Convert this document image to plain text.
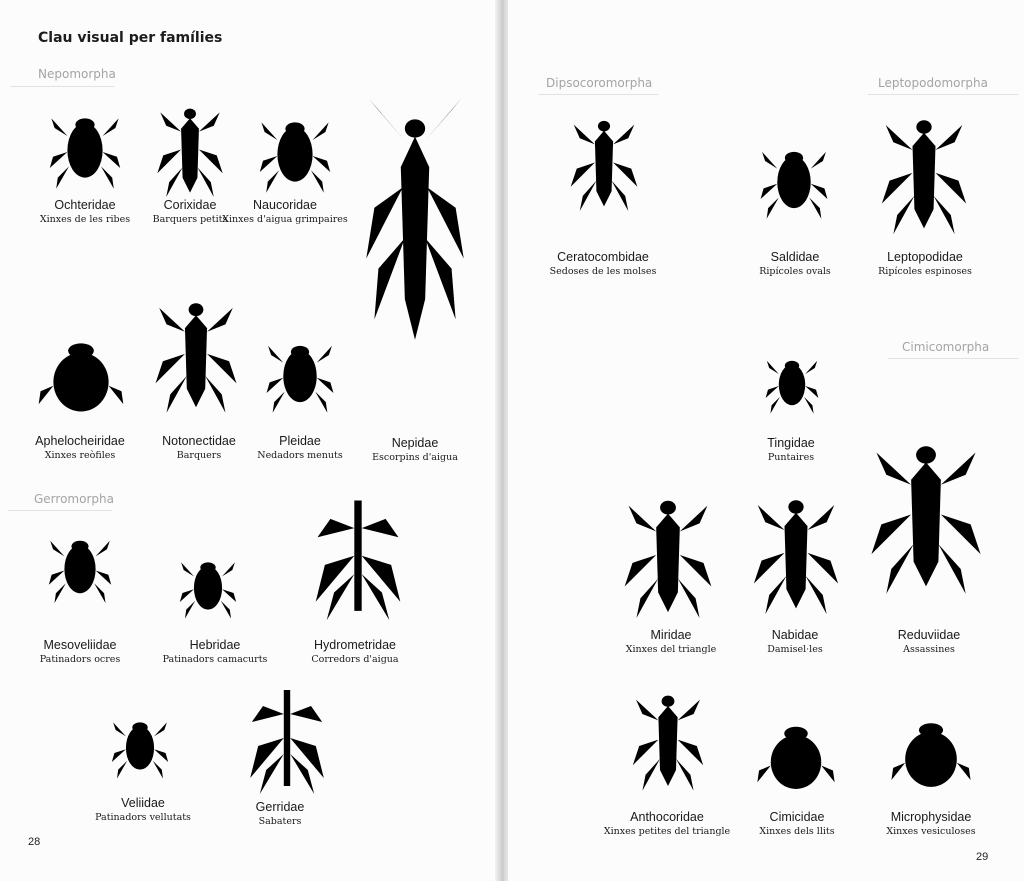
Clau visual per famílies
Nepomorpha
Ochteridae
Xinxes de les ribes
Corixidae
Barquers petits
Naucoridae
Xinxes d'aigua grimpaires
Nepidae
Escorpins d'aigua
Aphelocheiridae
Xinxes reòfiles
Notonectidae
Barquers
Pleidae
Nedadors menuts
Gerromorpha
Mesoveliidae
Patinadors ocres
Hebridae
Patinadors camacurts
Hydrometridae
Corredors d'aigua
Veliidae
Patinadors vellutats
Gerridae
Sabaters
28
Dipsocoromorpha	Leptopodomorpha
Ceratocombidae
Sedoses de les molses
Saldidae
Ripícoles ovals
Leptopodidae
Ripícoles espinoses
Cimicomorpha
Tingidae
Puntaires
Miridae
Xinxes del triangle
Nabidae
Damisel·les
Reduviidae
Assassines
Anthocoridae
Xinxes petites del triangle
Cimicidae
Xinxes dels llits
Microphysidae
Xinxes vesiculoses
29
